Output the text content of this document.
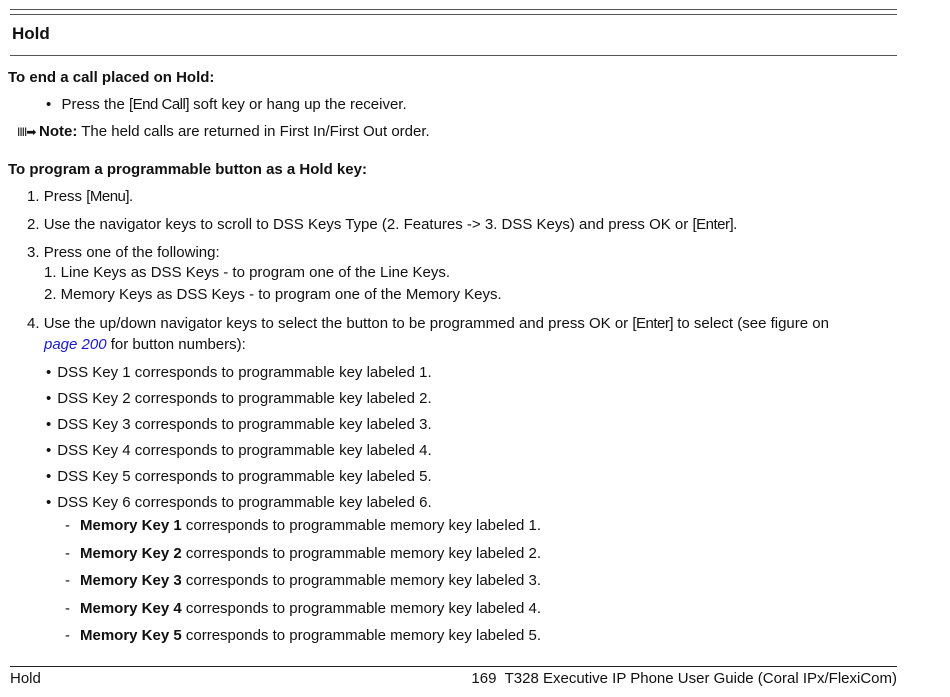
Hold
To end a call placed on Hold:
• Press the [End Call] soft key or hang up the receiver.
IIII➡ Note: The held calls are returned in First In/First Out order.
To program a programmable button as a Hold key:
1. Press [Menu].
2. Use the navigator keys to scroll to DSS Keys Type (2. Features -> 3. DSS Keys) and press OK or [Enter].
3. Press one of the following:
1. Line Keys as DSS Keys - to program one of the Line Keys.
2. Memory Keys as DSS Keys - to program one of the Memory Keys.
4. Use the up/down navigator keys to select the button to be programmed and press OK or [Enter] to select (see figure on
page 200 for button numbers):
• DSS Key 1 corresponds to programmable key labeled 1.
• DSS Key 2 corresponds to programmable key labeled 2.
• DSS Key 3 corresponds to programmable key labeled 3.
• DSS Key 4 corresponds to programmable key labeled 4.
• DSS Key 5 corresponds to programmable key labeled 5.
• DSS Key 6 corresponds to programmable key labeled 6.
- Memory Key 1 corresponds to programmable memory key labeled 1.
- Memory Key 2 corresponds to programmable memory key labeled 2.
- Memory Key 3 corresponds to programmable memory key labeled 3.
- Memory Key 4 corresponds to programmable memory key labeled 4.
- Memory Key 5 corresponds to programmable memory key labeled 5.
Hold	169 T328 Executive IP Phone User Guide (Coral IPx/FlexiCom)
